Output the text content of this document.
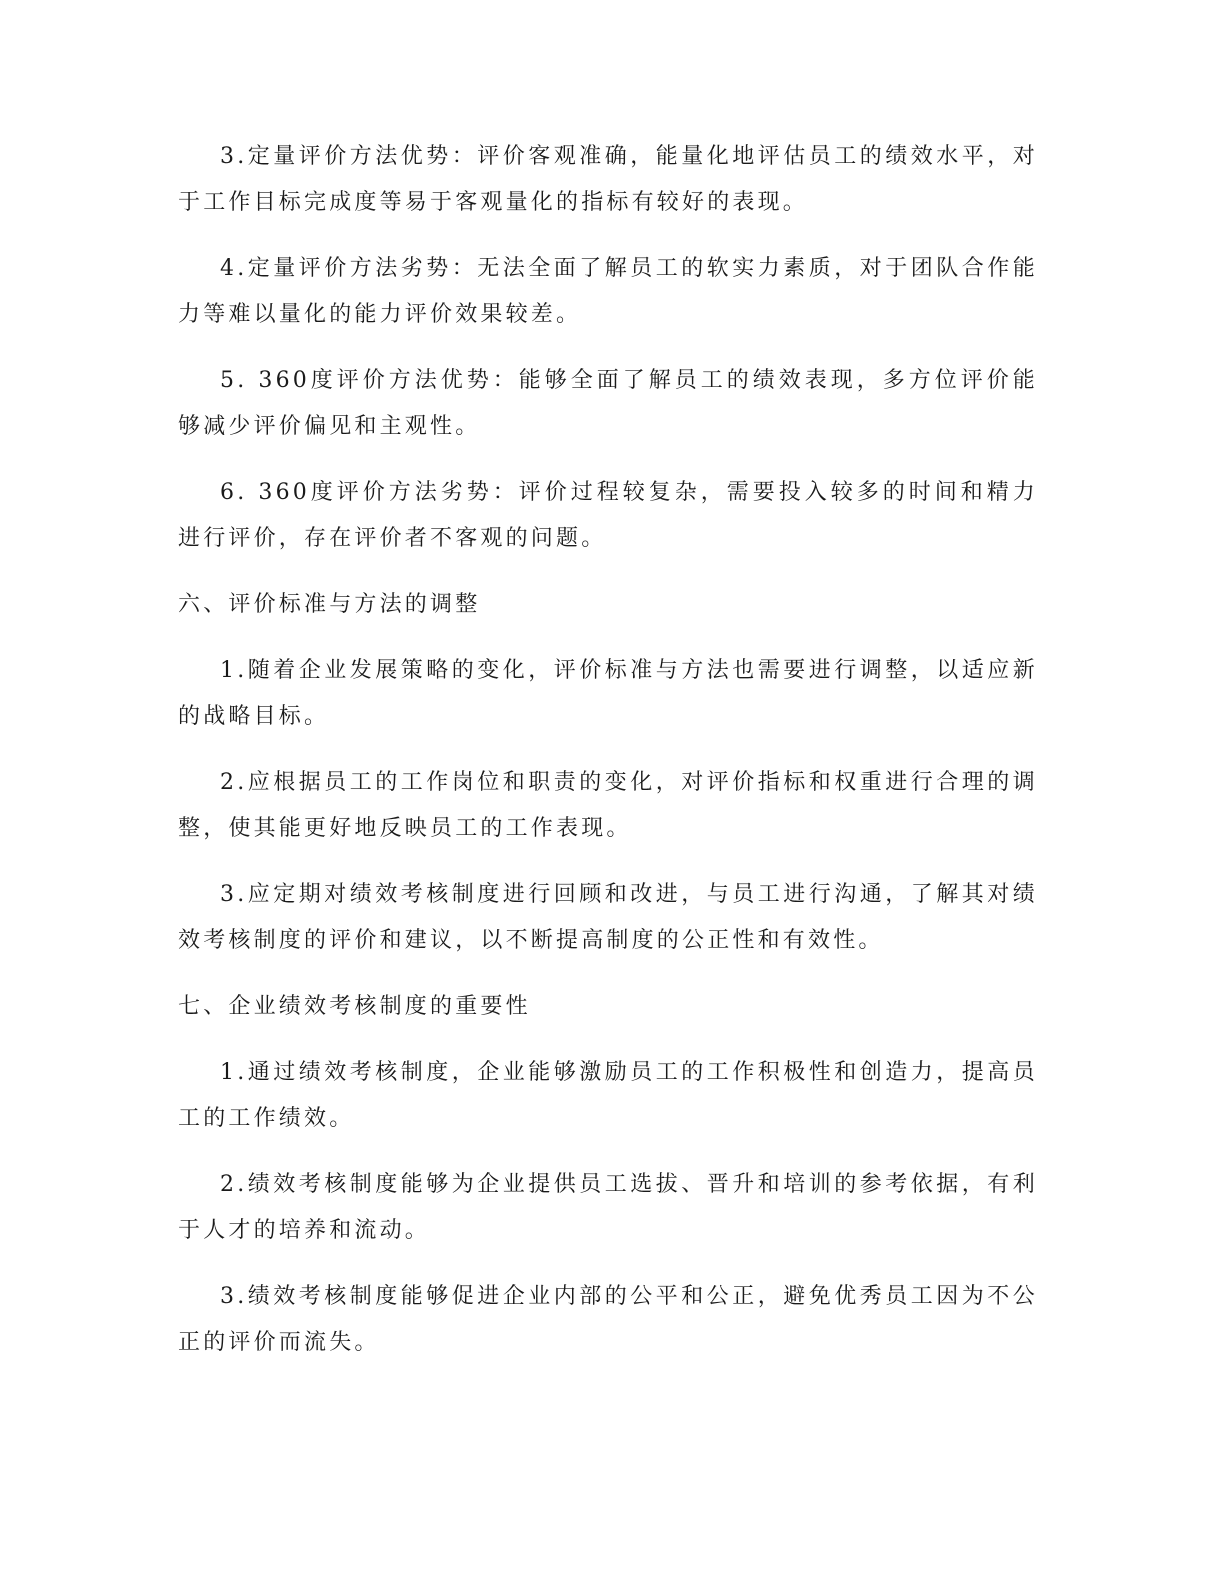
3.定量评价方法优势：评价客观准确，能量化地评估员工的绩效水平，对于工作目标完成度等易于客观量化的指标有较好的表现。

4.定量评价方法劣势：无法全面了解员工的软实力素质，对于团队合作能力等难以量化的能力评价效果较差。

5. 360度评价方法优势：能够全面了解员工的绩效表现，多方位评价能够减少评价偏见和主观性。

6. 360度评价方法劣势：评价过程较复杂，需要投入较多的时间和精力进行评价，存在评价者不客观的问题。

六、评价标准与方法的调整

1.随着企业发展策略的变化，评价标准与方法也需要进行调整，以适应新的战略目标。

2.应根据员工的工作岗位和职责的变化，对评价指标和权重进行合理的调整，使其能更好地反映员工的工作表现。

3.应定期对绩效考核制度进行回顾和改进，与员工进行沟通，了解其对绩效考核制度的评价和建议，以不断提高制度的公正性和有效性。

七、企业绩效考核制度的重要性

1.通过绩效考核制度，企业能够激励员工的工作积极性和创造力，提高员工的工作绩效。

2.绩效考核制度能够为企业提供员工选拔、晋升和培训的参考依据，有利于人才的培养和流动。

3.绩效考核制度能够促进企业内部的公平和公正，避免优秀员工因为不公正的评价而流失。
